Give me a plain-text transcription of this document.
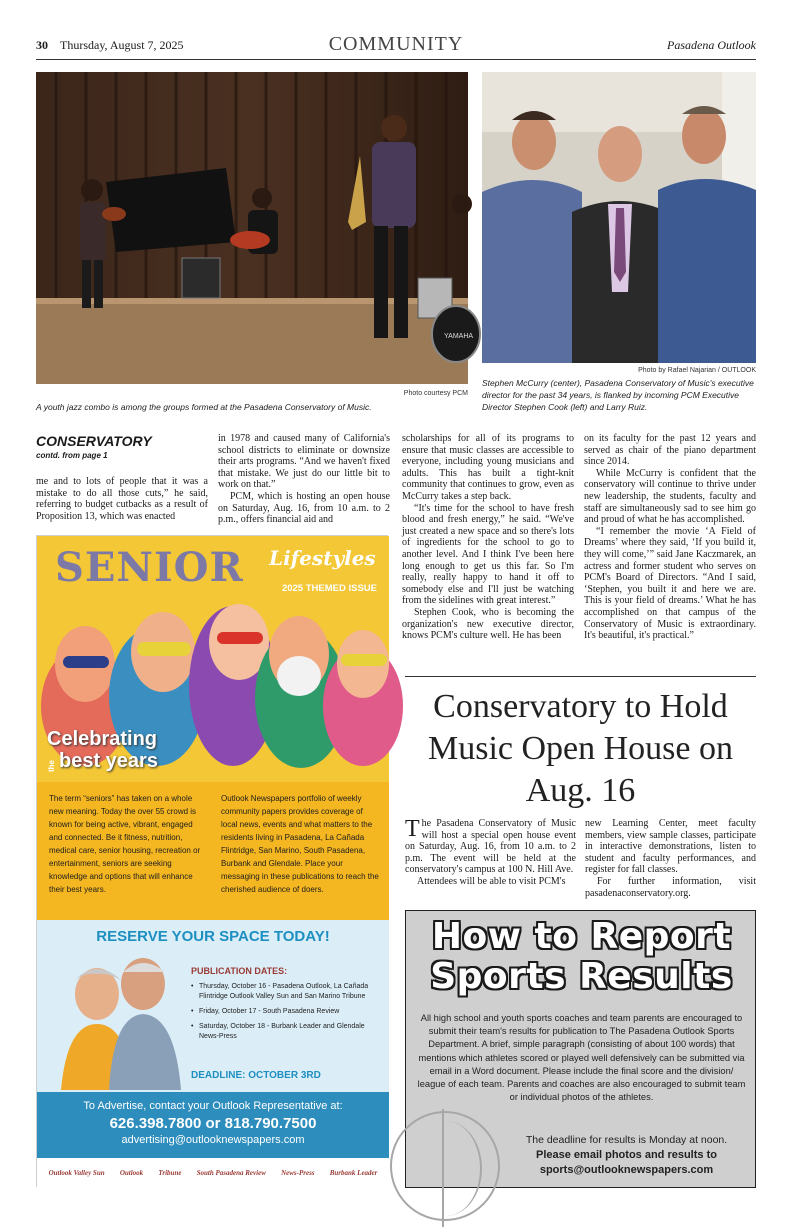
30 Thursday, August 7, 2025	COMMUNITY	Pasadena Outlook
YAMAHA
Photo courtesy PCM
A youth jazz combo is among the groups formed at the Pasadena Conservatory of Music.
Photo by Rafael Najarian / OUTLOOK
Stephen McCurry (center), Pasadena Conservatory of Music's executive director for the past 34 years, is flanked by incoming PCM Executive Director Stephen Cook (left) and Larry Ruiz.
CONSERVATORY
contd. from page 1

me and to lots of people that it was a mistake to do all those cuts,” he said, referring to budget cutbacks as a result of Proposition 13, which was enacted

in 1978 and caused many of California's school districts to eliminate or downsize their arts programs. “And we haven't fixed that mistake. We just do our little bit to work on that.”

PCM, which is hosting an open house on Saturday, Aug. 16, from 10 a.m. to 2 p.m., offers financial aid and

scholarships for all of its programs to ensure that music classes are accessible to everyone, including young musicians and adults. This has built a tight-knit community that continues to grow, even as McCurry takes a step back.

“It's time for the school to have fresh blood and fresh energy,” he said. “We've just created a new space and so there's lots of ingredients for the school to go to another level. And I think I've been here long enough to get us this far. So I'm really, really happy to hand it off to somebody else and I'll just be watching from the sidelines with great interest.”

Stephen Cook, who is becoming the organization's new executive director, knows PCM's culture well. He has been

on its faculty for the past 12 years and served as chair of the piano department since 2014.

While McCurry is confident that the conservatory will continue to thrive under new leadership, the students, faculty and staff are simultaneously sad to see him go and proud of what he has accomplished.

“I remember the movie ‘A Field of Dreams’ where they said, ‘If you build it, they will come,’” said Jane Kaczmarek, an actress and former student who serves on PCM's Board of Directors. “And I said, ‘Stephen, you built it and here we are. This is your field of dreams.’ What he has accomplished on that campus of the Conservatory of Music is extraordinary. It's beautiful, it's practical.”

SENIOR Lifestyles
2025 THEMED ISSUE
Celebrating
the best years

The term “seniors” has taken on a whole new meaning. Today the over 55 crowd is known for being active, vibrant, engaged and connected. Be it fitness, nutrition, medical care, senior housing, recreation or entertainment, seniors are seeking knowledge and options that will enhance their best years.

Outlook Newspapers portfolio of weekly community papers provides coverage of local news, events and what matters to the residents living in Pasadena, La Cañada Flintridge, San Marino, South Pasadena, Burbank and Glendale. Place your messaging in these publications to reach the cherished audience of doers.

RESERVE YOUR SPACE TODAY!
PUBLICATION DATES:
• Thursday, October 16 - Pasadena Outlook, La Cañada Flintridge Outlook Valley Sun and San Marino Tribune
• Friday, October 17 - South Pasadena Review
• Saturday, October 18 - Burbank Leader and Glendale News-Press
DEADLINE: OCTOBER 3RD
To Advertise, contact your Outlook Representative at:
626.398.7800 or 818.790.7500
advertising@outlooknewspapers.com
Outlook Valley Sun Outlook Tribune South Pasadena Review News-Press Burbank Leader
Conservatory to Hold Music Open House on Aug. 16

The Pasadena Conservatory of Music will host a special open house event on Saturday, Aug. 16, from 10 a.m. to 2 p.m. The event will be held at the conservatory's campus at 100 N. Hill Ave.

Attendees will be able to visit PCM's

new Learning Center, meet faculty members, view sample classes, participate in interactive demonstrations, listen to student and faculty performances, and register for fall classes.

For further information, visit pasadenaconservatory.org.

How to Report Sports Results
All high school and youth sports coaches and team parents are encouraged to submit their team's results for publication to The Pasadena Outlook Sports Department. A brief, simple paragraph (consisting of about 100 words) that mentions which athletes scored or played well defensively can be submitted via email in a Word document. Please include the final score and the division/ league of each team. Parents and coaches are also encouraged to submit team or individual photos of the athletes.
The deadline for results is Monday at noon.
Please email photos and results to
sports@outlooknewspapers.com
